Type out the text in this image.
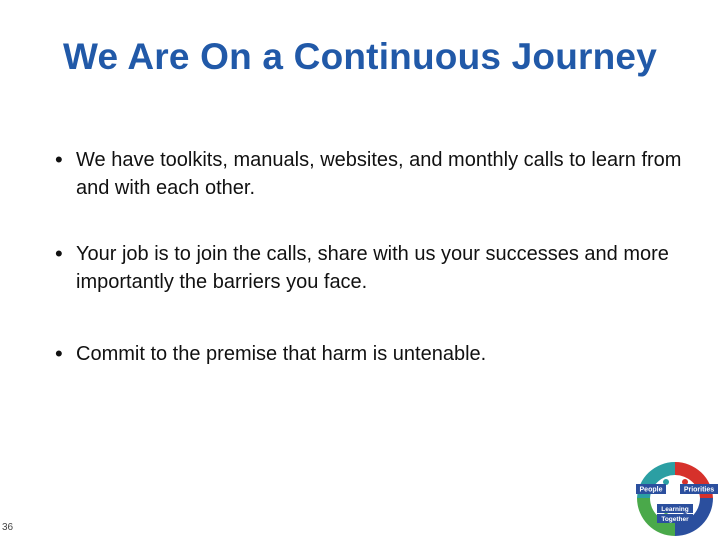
We Are On a Continuous Journey
• We have toolkits, manuals, websites, and monthly calls to learn from and with each other.
• Your job is to join the calls, share with us your successes and more importantly the barriers you face.
• Commit to the premise that harm is untenable.
36
People	Priorities
Learning
Together
